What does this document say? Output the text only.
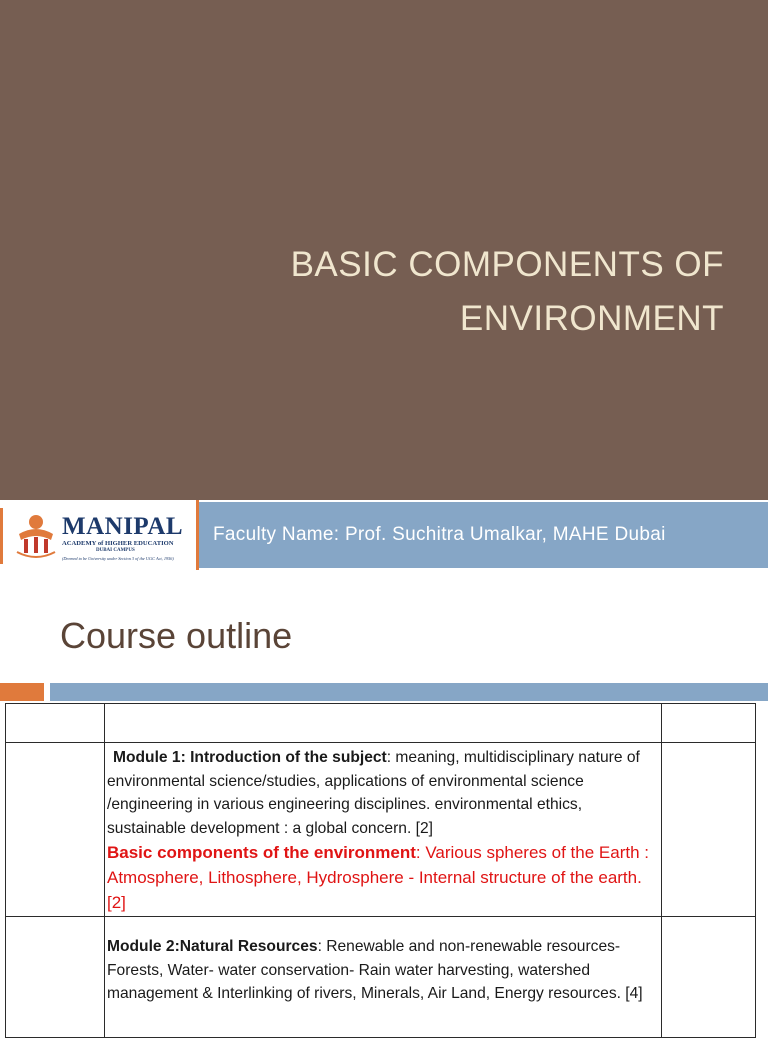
BASIC COMPONENTS OF
ENVIRONMENT
MANIPAL
ACADEMY of HIGHER EDUCATION
DUBAI CAMPUS
(Deemed to be University under Section 3 of the UGC Act, 1956)
Faculty Name: Prof. Suchitra Umalkar, MAHE Dubai
Course outline

	Module 1: Introduction of the subject: meaning, multidisciplinary nature of environmental science/studies, applications of environmental science /engineering in various engineering disciplines. environmental ethics, sustainable development : a global concern. [2]
Basic components of the environment: Various spheres of the Earth : Atmosphere, Lithosphere, Hydrosphere - Internal structure of the earth. [2]	

	Module 2:Natural Resources: Renewable and non-renewable resources- Forests, Water- water conservation- Rain water harvesting, watershed management & Interlinking of rivers, Minerals, Air Land, Energy resources. [4]	
